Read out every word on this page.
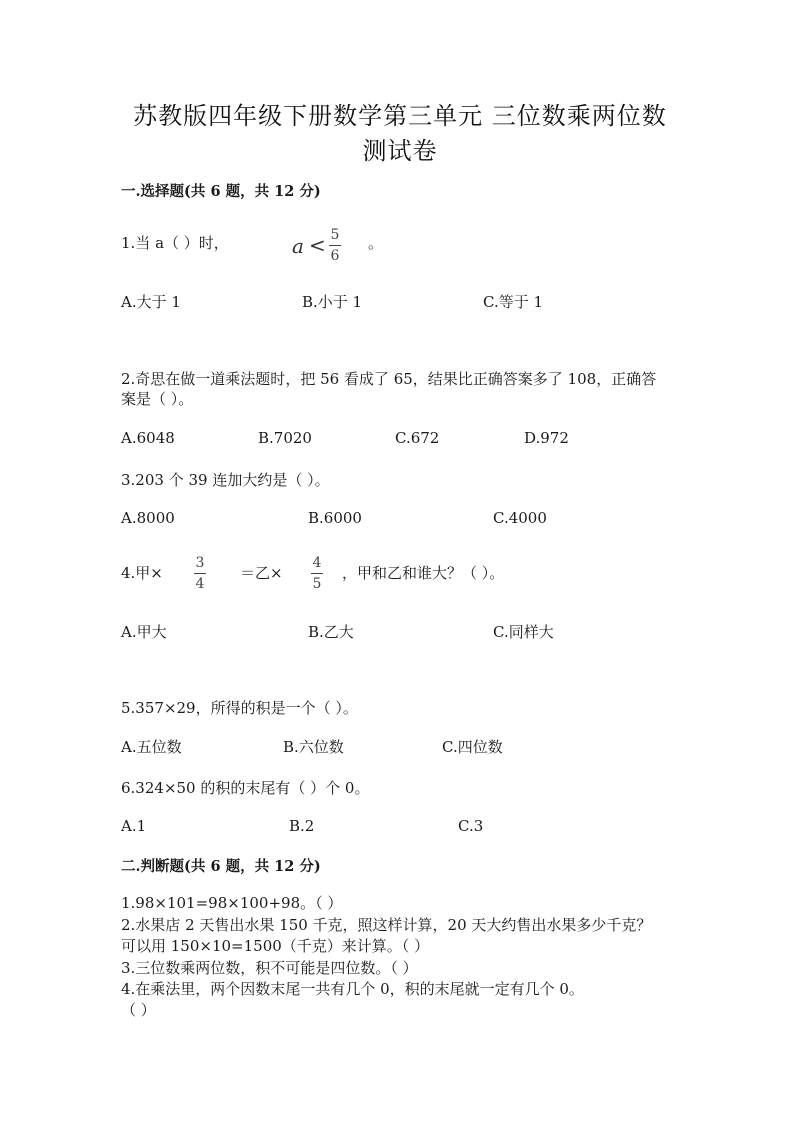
苏教版四年级下册数学第三单元 三位数乘两位数
测试卷
一.选择题(共 6 题，共 12 分)
1.当 a（ ）时，	a < 5
6
。
A.大于 1	B.小于 1	C.等于 1
2.奇思在做一道乘法题时，把 56 看成了 65，结果比正确答案多了 108，正确答
案是（ ）。
A.6048	B.7020	C.672	D.972
3.203 个 39 连加大约是（ ）。
A.8000	B.6000	C.4000
4.甲×
3
4
＝乙×
4
5
，甲和乙和谁大？（ ）。
A.甲大	B.乙大	C.同样大
5.357×29，所得的积是一个（ ）。
A.五位数	B.六位数	C.四位数
6.324×50 的积的末尾有（ ）个 0。
A.1	B.2	C.3
二.判断题(共 6 题，共 12 分)
1.98×101=98×100+98。（ ）
2.水果店 2 天售出水果 150 千克，照这样计算，20 天大约售出水果多少千克？
可以用 150×10=1500（千克）来计算。（ ）
3.三位数乘两位数，积不可能是四位数。（ ）
4.在乘法里，两个因数末尾一共有几个 0，积的末尾就一定有几个 0。
（ ）
